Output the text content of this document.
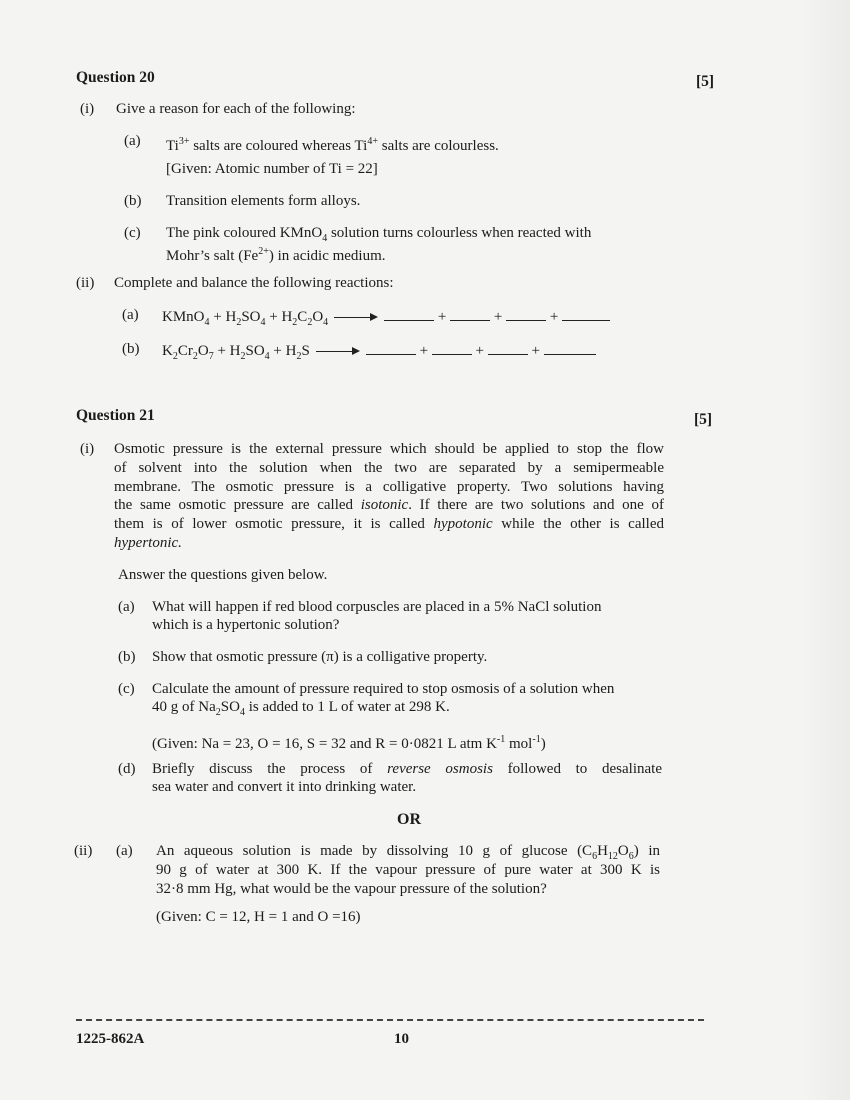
Question 20	[5]
(i) Give a reason for each of the following:
(a) $Ti^{3+}$ salts are coloured whereas $Ti^{4+}$ salts are colourless.
[Given: Atomic number of Ti = 22]
(b) Transition elements form alloys.
(c) The pink coloured KMnO$_4$ solution turns colourless when reacted with
Mohr’s salt $(Fe^{2+})$ in acidic medium.
(ii) Complete and balance the following reactions:
(a) KMnO$_4$ + $H_2SO_4 + H_2C_2O_4$	+	+	+
(b) $K_2Cr_2O_7 + H_2SO_4 + H_2S$	+	+	+
Question 21	[5]
(i) Osmotic pressure is the external pressure which should be applied to stop the flow
of solvent into the solution when the two are separated by a semipermeable
membrane. The osmotic pressure is a colligative property. Two solutions having
the same osmotic pressure are called isotonic. If there are two solutions and one of
them is of lower osmotic pressure, it is called hypotonic while the other is called
hypertonic.
Answer the questions given below.
(a) What will happen if red blood corpuscles are placed in a 5% NaCl solution
which is a hypertonic solution?
(b) Show that osmotic pressure (π) is a colligative property.
(c) Calculate the amount of pressure required to stop osmosis of a solution when
40 g of $Na_2SO_4$ is added to 1 L of water at 298 K.
(Given: Na = 23, O = 16, S = 32 and R = 0·0821 L atm $K^{-1}$ mol$^{-1}$)
(d) Briefly discuss the process of reverse osmosis followed to desalinate
sea water and convert it into drinking water.
OR
(ii) (a) An aqueous solution is made by dissolving 10 g of glucose $(C_6H_{12}O_6)$ in
90 g of water at 300 K. If the vapour pressure of pure water at 300 K is
32·8 mm Hg, what would be the vapour pressure of the solution?
(Given: C = 12, H = 1 and O =16)
1225-862A	10
